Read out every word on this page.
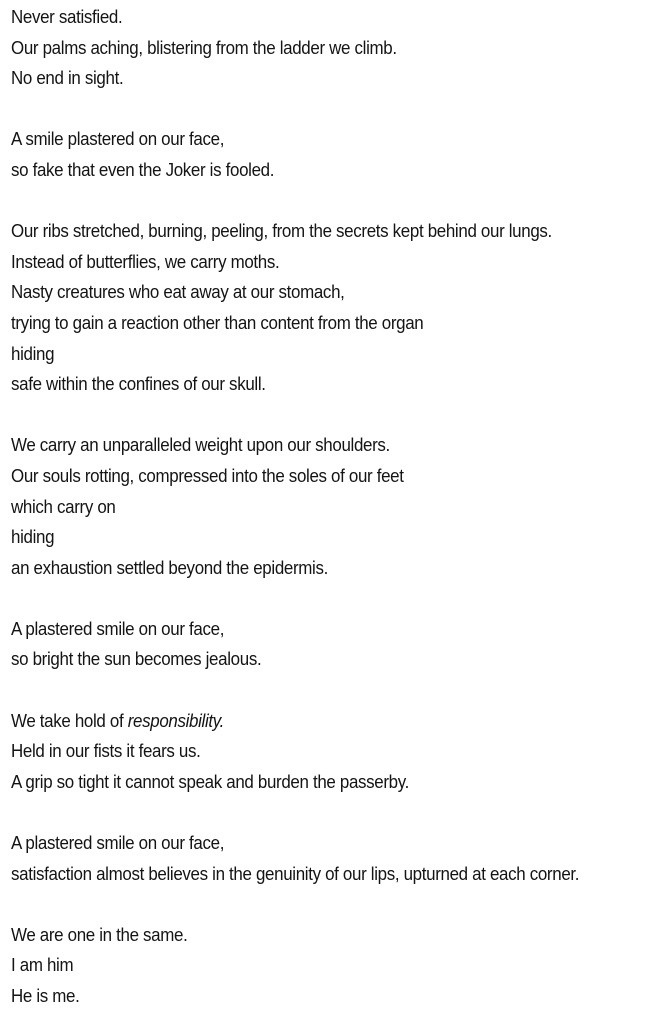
Never satisfied.
Our palms aching, blistering from the ladder we climb.
No end in sight.
A smile plastered on our face,
so fake that even the Joker is fooled.
Our ribs stretched, burning, peeling, from the secrets kept behind our lungs.
Instead of butterflies, we carry moths.
Nasty creatures who eat away at our stomach,
trying to gain a reaction other than content from the organ
hiding
safe within the confines of our skull.
We carry an unparalleled weight upon our shoulders.
Our souls rotting, compressed into the soles of our feet
which carry on
hiding
an exhaustion settled beyond the epidermis.
A plastered smile on our face,
so bright the sun becomes jealous.
We take hold of responsibility.
Held in our fists it fears us.
A grip so tight it cannot speak and burden the passerby.
A plastered smile on our face,
satisfaction almost believes in the genuinity of our lips, upturned at each corner.
We are one in the same.
I am him
He is me.
